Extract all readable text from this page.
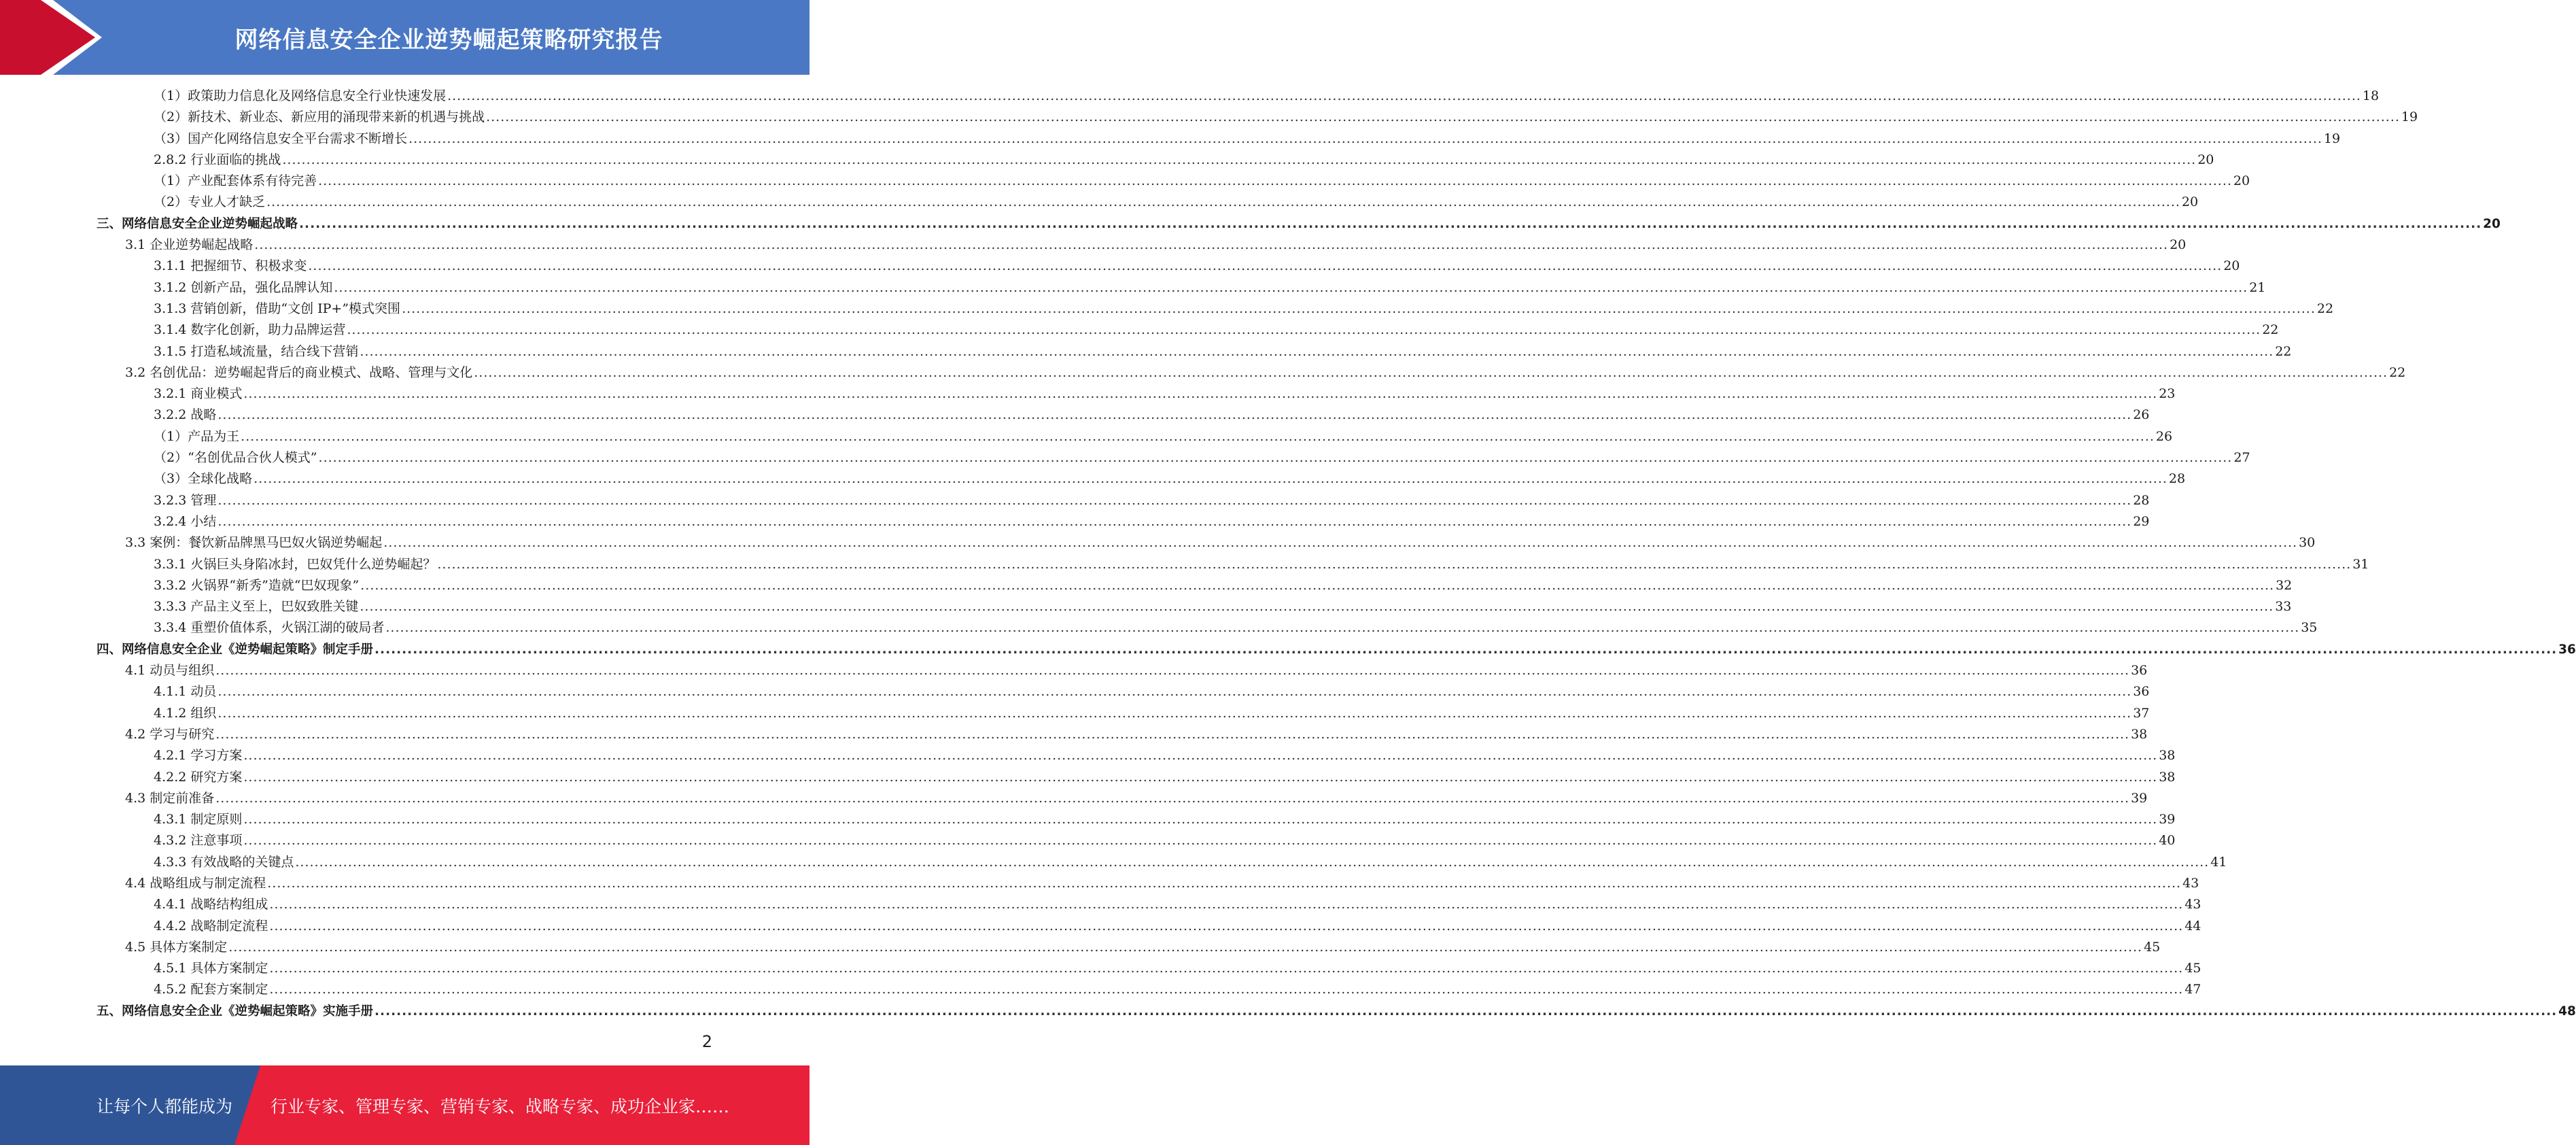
网络信息安全企业逆势崛起策略研究报告
（1）政策助力信息化及网络信息安全行业快速发展 ................................................................................................................................................................................................................................................................................................................................................................................................................ 18
（2）新技术、新业态、新应用的涌现带来新的机遇与挑战 ................................................................................................................................................................................................................................................................................................................................................................................................................ 19
（3）国产化网络信息安全平台需求不断增长 ................................................................................................................................................................................................................................................................................................................................................................................................................ 19
2.8.2 行业面临的挑战 ................................................................................................................................................................................................................................................................................................................................................................................................................ 20
（1）产业配套体系有待完善 ................................................................................................................................................................................................................................................................................................................................................................................................................ 20
（2）专业人才缺乏 ................................................................................................................................................................................................................................................................................................................................................................................................................ 20
三、网络信息安全企业逆势崛起战略 ................................................................................................................................................................................................................................................................................................................................................................................................................ 20
3.1 企业逆势崛起战略 ................................................................................................................................................................................................................................................................................................................................................................................................................ 20
3.1.1 把握细节、积极求变 ................................................................................................................................................................................................................................................................................................................................................................................................................ 20
3.1.2 创新产品，强化品牌认知 ................................................................................................................................................................................................................................................................................................................................................................................................................ 21
3.1.3 营销创新，借助“文创 IP+”模式突围 ................................................................................................................................................................................................................................................................................................................................................................................................................ 22
3.1.4 数字化创新，助力品牌运营 ................................................................................................................................................................................................................................................................................................................................................................................................................ 22
3.1.5 打造私域流量，结合线下营销 ................................................................................................................................................................................................................................................................................................................................................................................................................ 22
3.2 名创优品：逆势崛起背后的商业模式、战略、管理与文化 ................................................................................................................................................................................................................................................................................................................................................................................................................ 22
3.2.1 商业模式 ................................................................................................................................................................................................................................................................................................................................................................................................................ 23
3.2.2 战略 ................................................................................................................................................................................................................................................................................................................................................................................................................ 26
（1）产品为王 ................................................................................................................................................................................................................................................................................................................................................................................................................ 26
（2）“名创优品合伙人模式” ................................................................................................................................................................................................................................................................................................................................................................................................................ 27
（3）全球化战略 ................................................................................................................................................................................................................................................................................................................................................................................................................ 28
3.2.3 管理 ................................................................................................................................................................................................................................................................................................................................................................................................................ 28
3.2.4 小结 ................................................................................................................................................................................................................................................................................................................................................................................................................ 29
3.3 案例：餐饮新品牌黑马巴奴火锅逆势崛起 ................................................................................................................................................................................................................................................................................................................................................................................................................ 30
3.3.1 火锅巨头身陷冰封，巴奴凭什么逆势崛起？ ................................................................................................................................................................................................................................................................................................................................................................................................................ 31
3.3.2 火锅界“新秀”造就“巴奴现象” ................................................................................................................................................................................................................................................................................................................................................................................................................ 32
3.3.3 产品主义至上，巴奴致胜关键 ................................................................................................................................................................................................................................................................................................................................................................................................................ 33
3.3.4 重塑价值体系，火锅江湖的破局者 ................................................................................................................................................................................................................................................................................................................................................................................................................ 35
四、网络信息安全企业《逆势崛起策略》制定手册 ................................................................................................................................................................................................................................................................................................................................................................................................................ 36
4.1 动员与组织 ................................................................................................................................................................................................................................................................................................................................................................................................................ 36
4.1.1 动员 ................................................................................................................................................................................................................................................................................................................................................................................................................ 36
4.1.2 组织 ................................................................................................................................................................................................................................................................................................................................................................................................................ 37
4.2 学习与研究 ................................................................................................................................................................................................................................................................................................................................................................................................................ 38
4.2.1 学习方案 ................................................................................................................................................................................................................................................................................................................................................................................................................ 38
4.2.2 研究方案 ................................................................................................................................................................................................................................................................................................................................................................................................................ 38
4.3 制定前准备 ................................................................................................................................................................................................................................................................................................................................................................................................................ 39
4.3.1 制定原则 ................................................................................................................................................................................................................................................................................................................................................................................................................ 39
4.3.2 注意事项 ................................................................................................................................................................................................................................................................................................................................................................................................................ 40
4.3.3 有效战略的关键点 ................................................................................................................................................................................................................................................................................................................................................................................................................ 41
4.4 战略组成与制定流程 ................................................................................................................................................................................................................................................................................................................................................................................................................ 43
4.4.1 战略结构组成 ................................................................................................................................................................................................................................................................................................................................................................................................................ 43
4.4.2 战略制定流程 ................................................................................................................................................................................................................................................................................................................................................................................................................ 44
4.5 具体方案制定 ................................................................................................................................................................................................................................................................................................................................................................................................................ 45
4.5.1 具体方案制定 ................................................................................................................................................................................................................................................................................................................................................................................................................ 45
4.5.2 配套方案制定 ................................................................................................................................................................................................................................................................................................................................................................................................................ 47
五、网络信息安全企业《逆势崛起策略》实施手册 ................................................................................................................................................................................................................................................................................................................................................................................................................ 48
2
让每个人都能成为 行业专家、管理专家、营销专家、战略专家、成功企业家……
